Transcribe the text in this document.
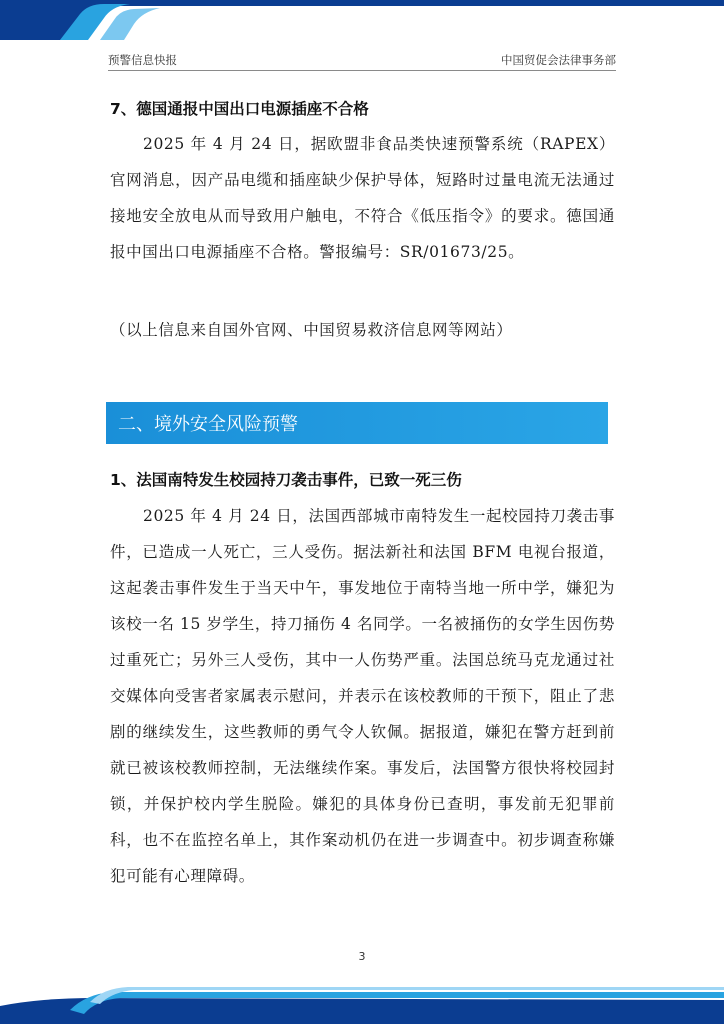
预警信息快报	中国贸促会法律事务部
7、德国通报中国出口电源插座不合格

2025 年 4 月 24 日，据欧盟非食品类快速预警系统（RAPEX）官网消息，因产品电缆和插座缺少保护导体，短路时过量电流无法通过接地安全放电从而导致用户触电，不符合《低压指令》的要求。德国通报中国出口电源插座不合格。警报编号：SR/01673/25。

（以上信息来自国外官网、中国贸易救济信息网等网站）
二、境外安全风险预警
1、法国南特发生校园持刀袭击事件，已致一死三伤

2025 年 4 月 24 日，法国西部城市南特发生一起校园持刀袭击事件，已造成一人死亡，三人受伤。据法新社和法国 BFM 电视台报道，这起袭击事件发生于当天中午，事发地位于南特当地一所中学，嫌犯为该校一名 15 岁学生，持刀捅伤 4 名同学。一名被捅伤的女学生因伤势过重死亡；另外三人受伤，其中一人伤势严重。法国总统马克龙通过社交媒体向受害者家属表示慰问，并表示在该校教师的干预下，阻止了悲剧的继续发生，这些教师的勇气令人钦佩。据报道，嫌犯在警方赶到前就已被该校教师控制，无法继续作案。事发后，法国警方很快将校园封锁，并保护校内学生脱险。嫌犯的具体身份已查明，事发前无犯罪前科，也不在监控名单上，其作案动机仍在进一步调查中。初步调查称嫌犯可能有心理障碍。

3
